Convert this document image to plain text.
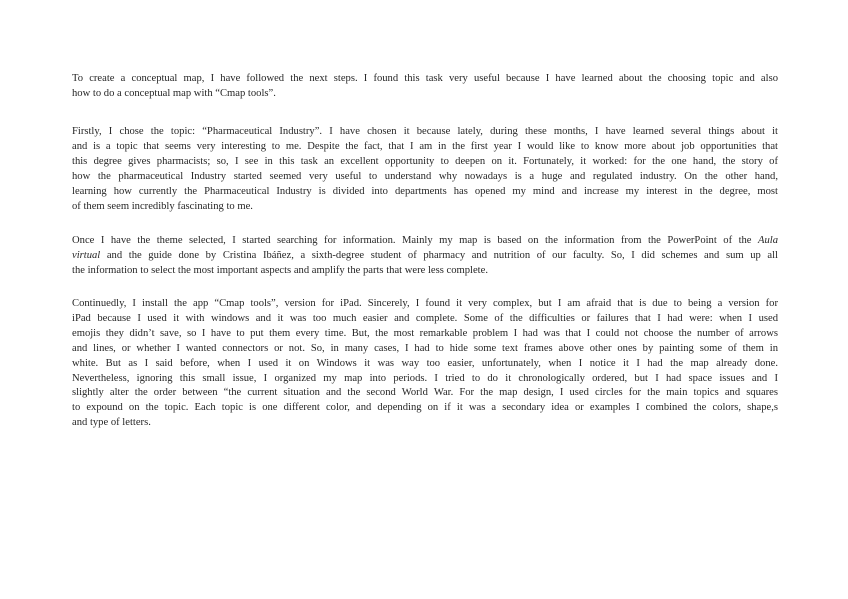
To create a conceptual map, I have followed the next steps. I found this task very useful because I have learned about the choosing topic and also
how to do a conceptual map with “Cmap tools”.
Firstly, I chose the topic: “Pharmaceutical Industry”. I have chosen it because lately, during these months, I have learned several things about it
and is a topic that seems very interesting to me. Despite the fact, that I am in the first year I would like to know more about job opportunities that
this degree gives pharmacists; so, I see in this task an excellent opportunity to deepen on it. Fortunately, it worked: for the one hand, the story of
how the pharmaceutical Industry started seemed very useful to understand why nowadays is a huge and regulated industry. On the other hand,
learning how currently the Pharmaceutical Industry is divided into departments has opened my mind and increase my interest in the degree, most
of them seem incredibly fascinating to me.
Once I have the theme selected, I started searching for information. Mainly my map is based on the information from the PowerPoint of the Aula
virtual and the guide done by Cristina Ibáñez, a sixth-degree student of pharmacy and nutrition of our faculty. So, I did schemes and sum up all
the information to select the most important aspects and amplify the parts that were less complete.
Continuedly, I install the app “Cmap tools”, version for iPad. Sincerely, I found it very complex, but I am afraid that is due to being a version for
iPad because I used it with windows and it was too much easier and complete. Some of the difficulties or failures that I had were: when I used
emojis they didn’t save, so I have to put them every time. But, the most remarkable problem I had was that I could not choose the number of arrows
and lines, or whether I wanted connectors or not. So, in many cases, I had to hide some text frames above other ones by painting some of them in
white. But as I said before, when I used it on Windows it was way too easier, unfortunately, when I notice it I had the map already done.
Nevertheless, ignoring this small issue, I organized my map into periods. I tried to do it chronologically ordered, but I had space issues and I
slightly alter the order between “the current situation and the second World War. For the map design, I used circles for the main topics and squares
to expound on the topic. Each topic is one different color, and depending on if it was a secondary idea or examples I combined the colors, shape,s
and type of letters.
